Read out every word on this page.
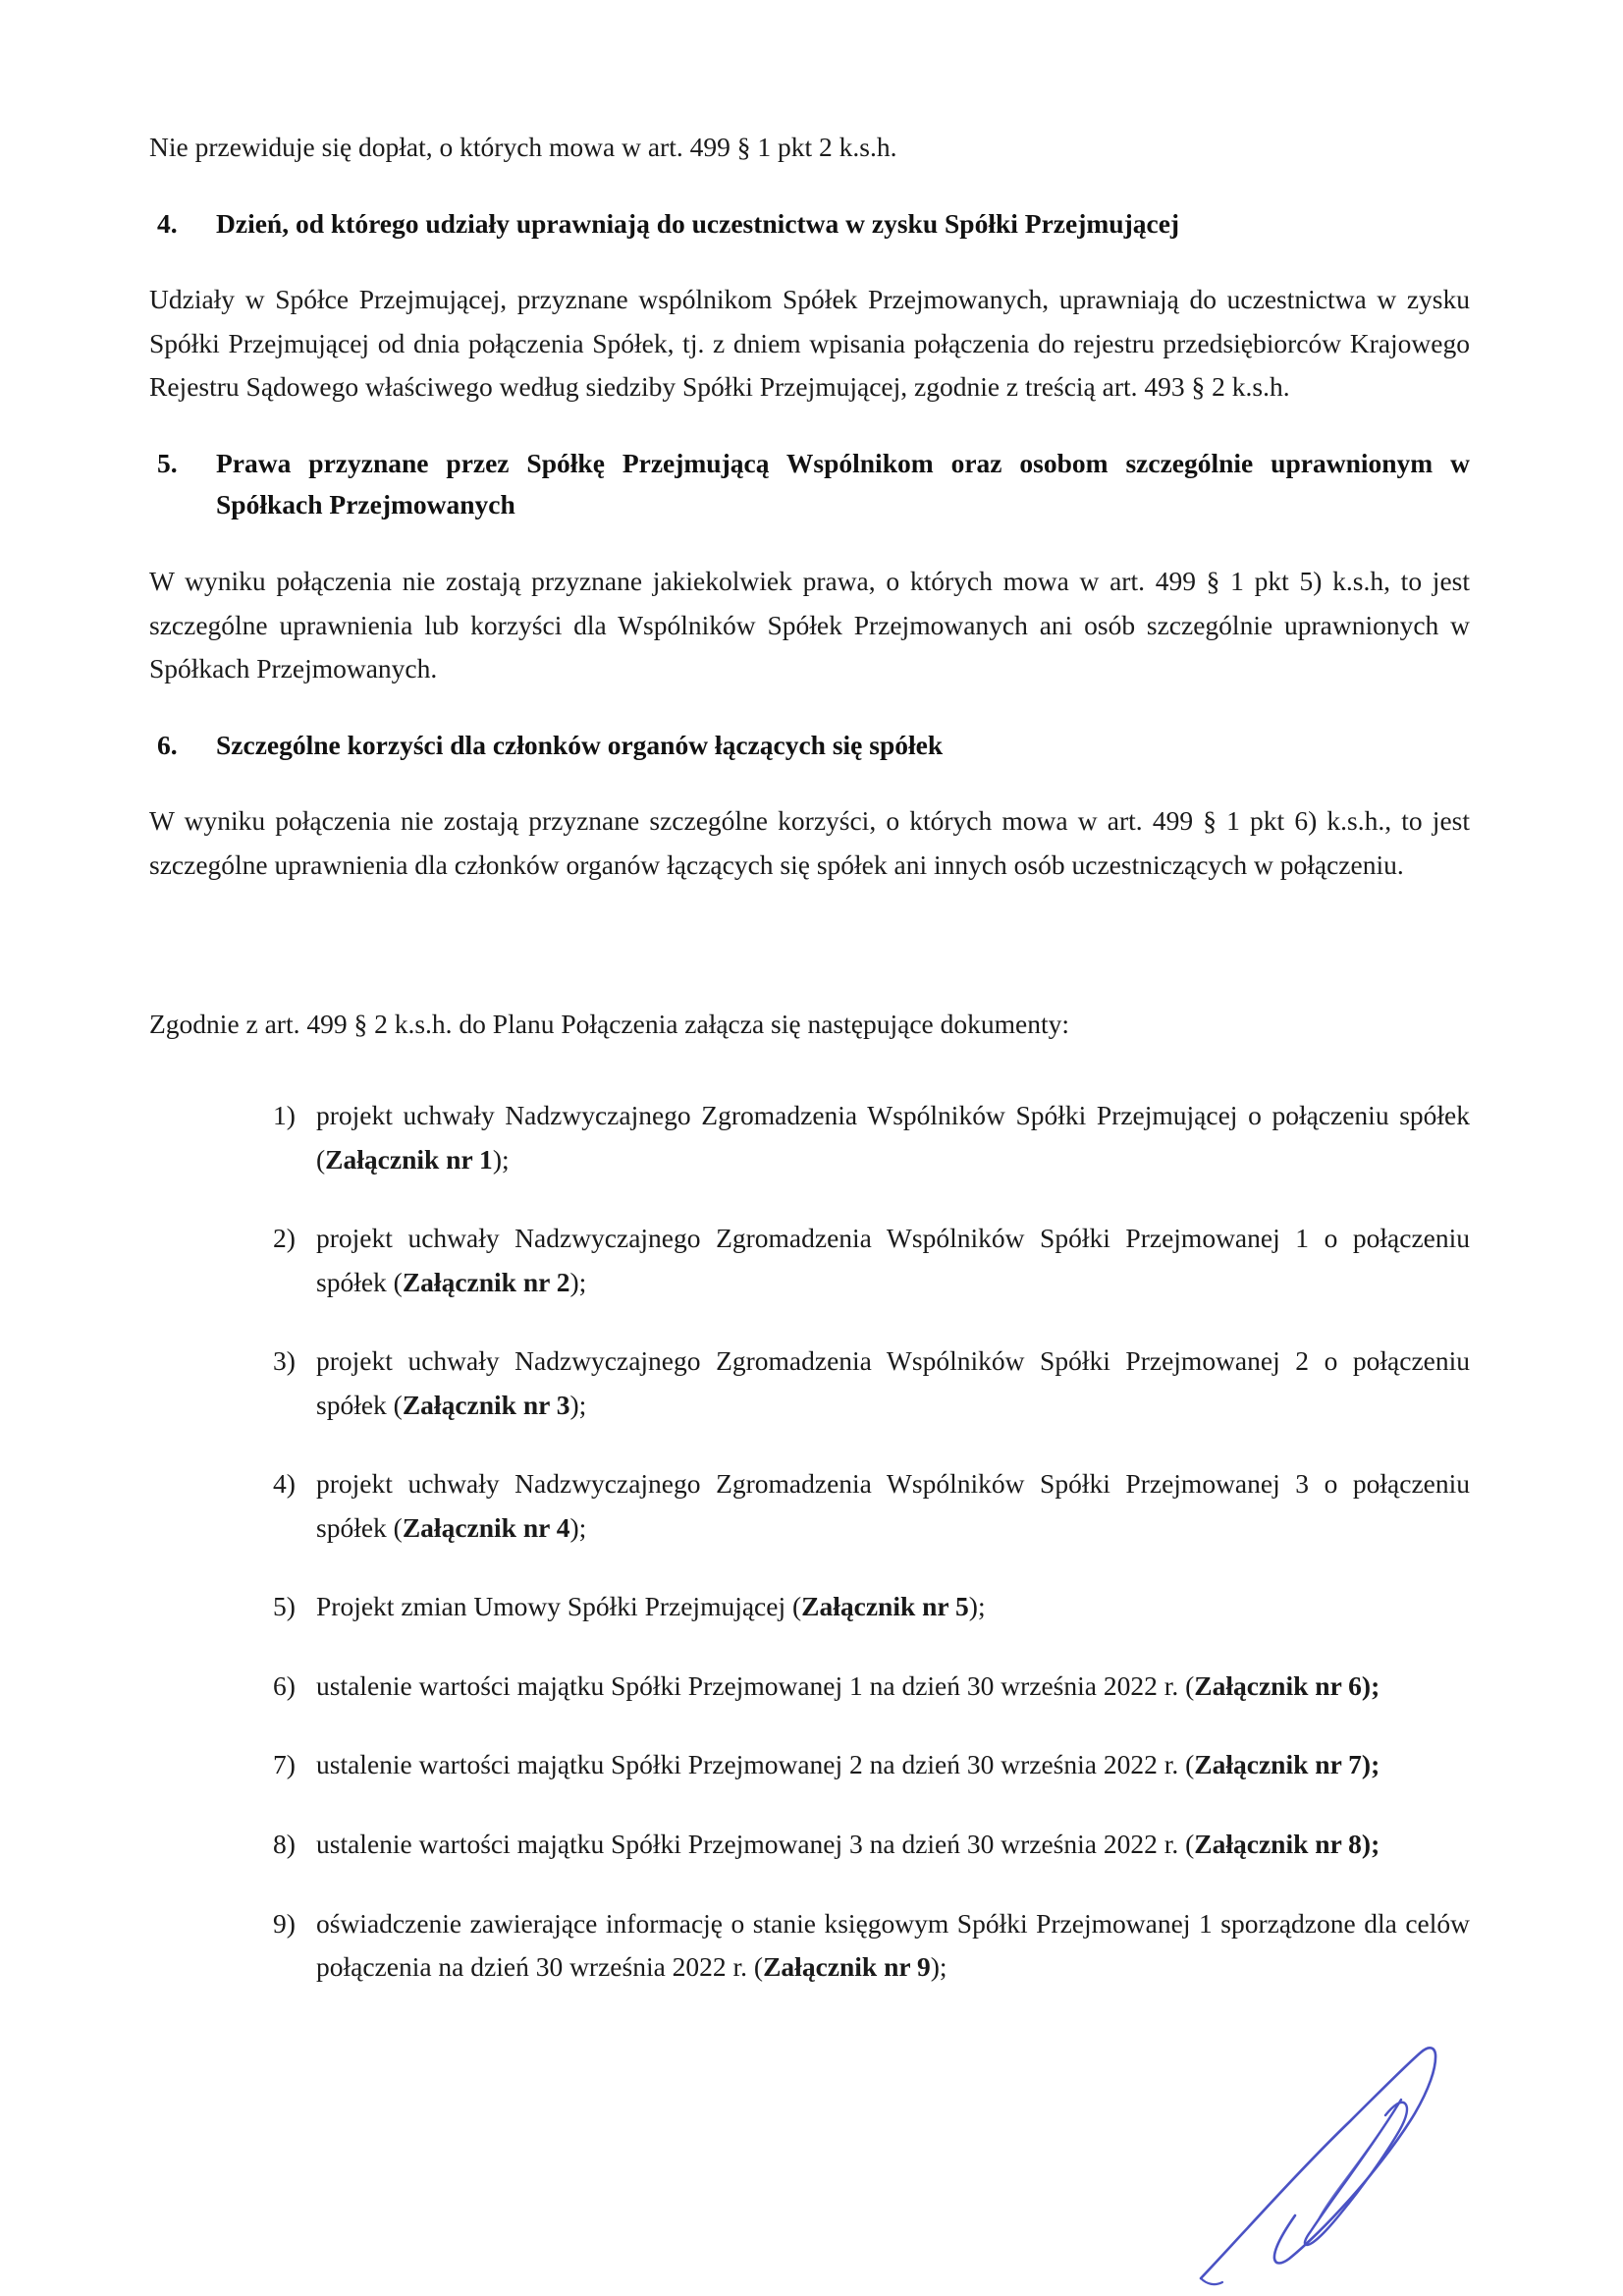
Nie przewiduje się dopłat, o których mowa w art. 499 § 1 pkt 2 k.s.h.

4.	Dzień, od którego udziały uprawniają do uczestnictwa w zysku Spółki Przejmującej

Udziały w Spółce Przejmującej, przyznane wspólnikom Spółek Przejmowanych, uprawniają do uczestnictwa w zysku Spółki Przejmującej od dnia połączenia Spółek, tj. z dniem wpisania połączenia do rejestru przedsiębiorców Krajowego Rejestru Sądowego właściwego według siedziby Spółki Przejmującej, zgodnie z treścią art. 493 § 2 k.s.h.

5.	Prawa przyznane przez Spółkę Przejmującą Wspólnikom oraz osobom szczególnie uprawnionym w Spółkach Przejmowanych

W wyniku połączenia nie zostają przyznane jakiekolwiek prawa, o których mowa w art. 499 § 1 pkt 5) k.s.h, to jest szczególne uprawnienia lub korzyści dla Wspólników Spółek Przejmowanych ani osób szczególnie uprawnionych w Spółkach Przejmowanych.

6.	Szczególne korzyści dla członków organów łączących się spółek

W wyniku połączenia nie zostają przyznane szczególne korzyści, o których mowa w art. 499 § 1 pkt 6) k.s.h., to jest szczególne uprawnienia dla członków organów łączących się spółek ani innych osób uczestniczących w połączeniu.

Zgodnie z art. 499 § 2 k.s.h. do Planu Połączenia załącza się następujące dokumenty:

1) projekt uchwały Nadzwyczajnego Zgromadzenia Wspólników Spółki Przejmującej o połączeniu spółek (Załącznik nr 1);
2) projekt uchwały Nadzwyczajnego Zgromadzenia Wspólników Spółki Przejmowanej 1 o połączeniu spółek (Załącznik nr 2);
3) projekt uchwały Nadzwyczajnego Zgromadzenia Wspólników Spółki Przejmowanej 2 o połączeniu spółek (Załącznik nr 3);
4) projekt uchwały Nadzwyczajnego Zgromadzenia Wspólników Spółki Przejmowanej 3 o połączeniu spółek (Załącznik nr 4);
5) Projekt zmian Umowy Spółki Przejmującej (Załącznik nr 5);
6) ustalenie wartości majątku Spółki Przejmowanej 1 na dzień 30 września 2022 r. (Załącznik nr 6);
7) ustalenie wartości majątku Spółki Przejmowanej 2 na dzień 30 września 2022 r. (Załącznik nr 7);
8) ustalenie wartości majątku Spółki Przejmowanej 3 na dzień 30 września 2022 r. (Załącznik nr 8);
9) oświadczenie zawierające informację o stanie księgowym Spółki Przejmowanej 1 sporządzone dla celów połączenia na dzień 30 września 2022 r. (Załącznik nr 9);
